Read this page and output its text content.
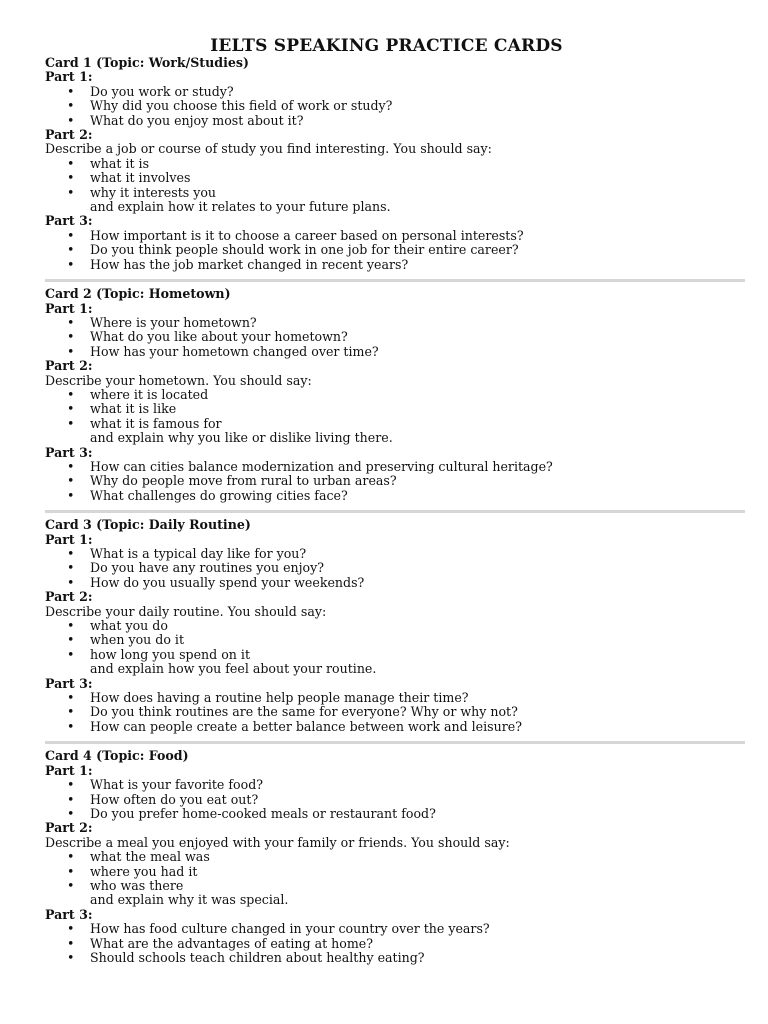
IELTS SPEAKING PRACTICE CARDS
Card 1 (Topic: Work/Studies)
Part 1:
• Do you work or study?
• Why did you choose this field of work or study?
• What do you enjoy most about it?
Part 2:
Describe a job or course of study you find interesting. You should say:
• what it is
• what it involves
• why it interests you
and explain how it relates to your future plans.
Part 3:
• How important is it to choose a career based on personal interests?
• Do you think people should work in one job for their entire career?
• How has the job market changed in recent years?
Card 2 (Topic: Hometown)
Part 1:
• Where is your hometown?
• What do you like about your hometown?
• How has your hometown changed over time?
Part 2:
Describe your hometown. You should say:
• where it is located
• what it is like
• what it is famous for
and explain why you like or dislike living there.
Part 3:
• How can cities balance modernization and preserving cultural heritage?
• Why do people move from rural to urban areas?
• What challenges do growing cities face?
Card 3 (Topic: Daily Routine)
Part 1:
• What is a typical day like for you?
• Do you have any routines you enjoy?
• How do you usually spend your weekends?
Part 2:
Describe your daily routine. You should say:
• what you do
• when you do it
• how long you spend on it
and explain how you feel about your routine.
Part 3:
• How does having a routine help people manage their time?
• Do you think routines are the same for everyone? Why or why not?
• How can people create a better balance between work and leisure?
Card 4 (Topic: Food)
Part 1:
• What is your favorite food?
• How often do you eat out?
• Do you prefer home-cooked meals or restaurant food?
Part 2:
Describe a meal you enjoyed with your family or friends. You should say:
• what the meal was
• where you had it
• who was there
and explain why it was special.
Part 3:
• How has food culture changed in your country over the years?
• What are the advantages of eating at home?
• Should schools teach children about healthy eating?
